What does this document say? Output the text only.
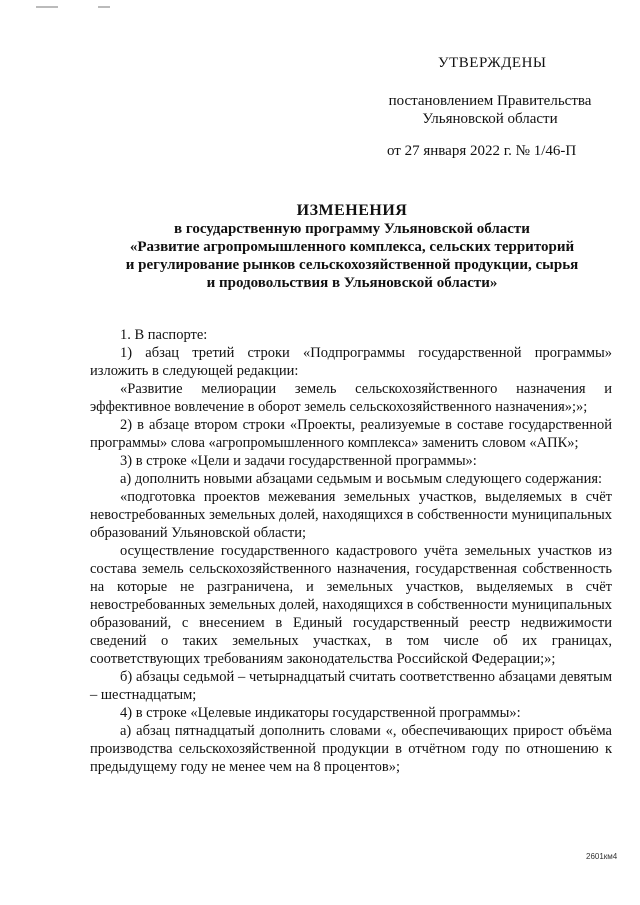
УТВЕРЖДЕНЫ
постановлением Правительства
Ульяновской области
от 27 января 2022 г. № 1/46-П
ИЗМЕНЕНИЯ
в государственную программу Ульяновской области
«Развитие агропромышленного комплекса, сельских территорий
и регулирование рынков сельскохозяйственной продукции, сырья
и продовольствия в Ульяновской области»

1. В паспорте:

1) абзац третий строки «Подпрограммы государственной программы» изложить в следующей редакции:

«Развитие мелиорации земель сельскохозяйственного назначения и эффективное вовлечение в оборот земель сельскохозяйственного назначения»;»;

2) в абзаце втором строки «Проекты, реализуемые в составе государственной программы» слова «агропромышленного комплекса» заменить словом «АПК»;

3) в строке «Цели и задачи государственной программы»:

а) дополнить новыми абзацами седьмым и восьмым следующего содержания:

«подготовка проектов межевания земельных участков, выделяемых в счёт невостребованных земельных долей, находящихся в собственности муниципальных образований Ульяновской области;

осуществление государственного кадастрового учёта земельных участков из состава земель сельскохозяйственного назначения, государственная собственность на которые не разграничена, и земельных участков, выделяемых в счёт невостребованных земельных долей, находящихся в собственности муниципальных образований, с внесением в Единый государственный реестр недвижимости сведений о таких земельных участках, в том числе об их границах, соответствующих требованиям законодательства Российской Федерации;»;

б) абзацы седьмой – четырнадцатый считать соответственно абзацами девятым – шестнадцатым;

4) в строке «Целевые индикаторы государственной программы»:

а) абзац пятнадцатый дополнить словами «, обеспечивающих прирост объёма производства сельскохозяйственной продукции в отчётном году по отношению к предыдущему году не менее чем на 8 процентов»;

2601км4
